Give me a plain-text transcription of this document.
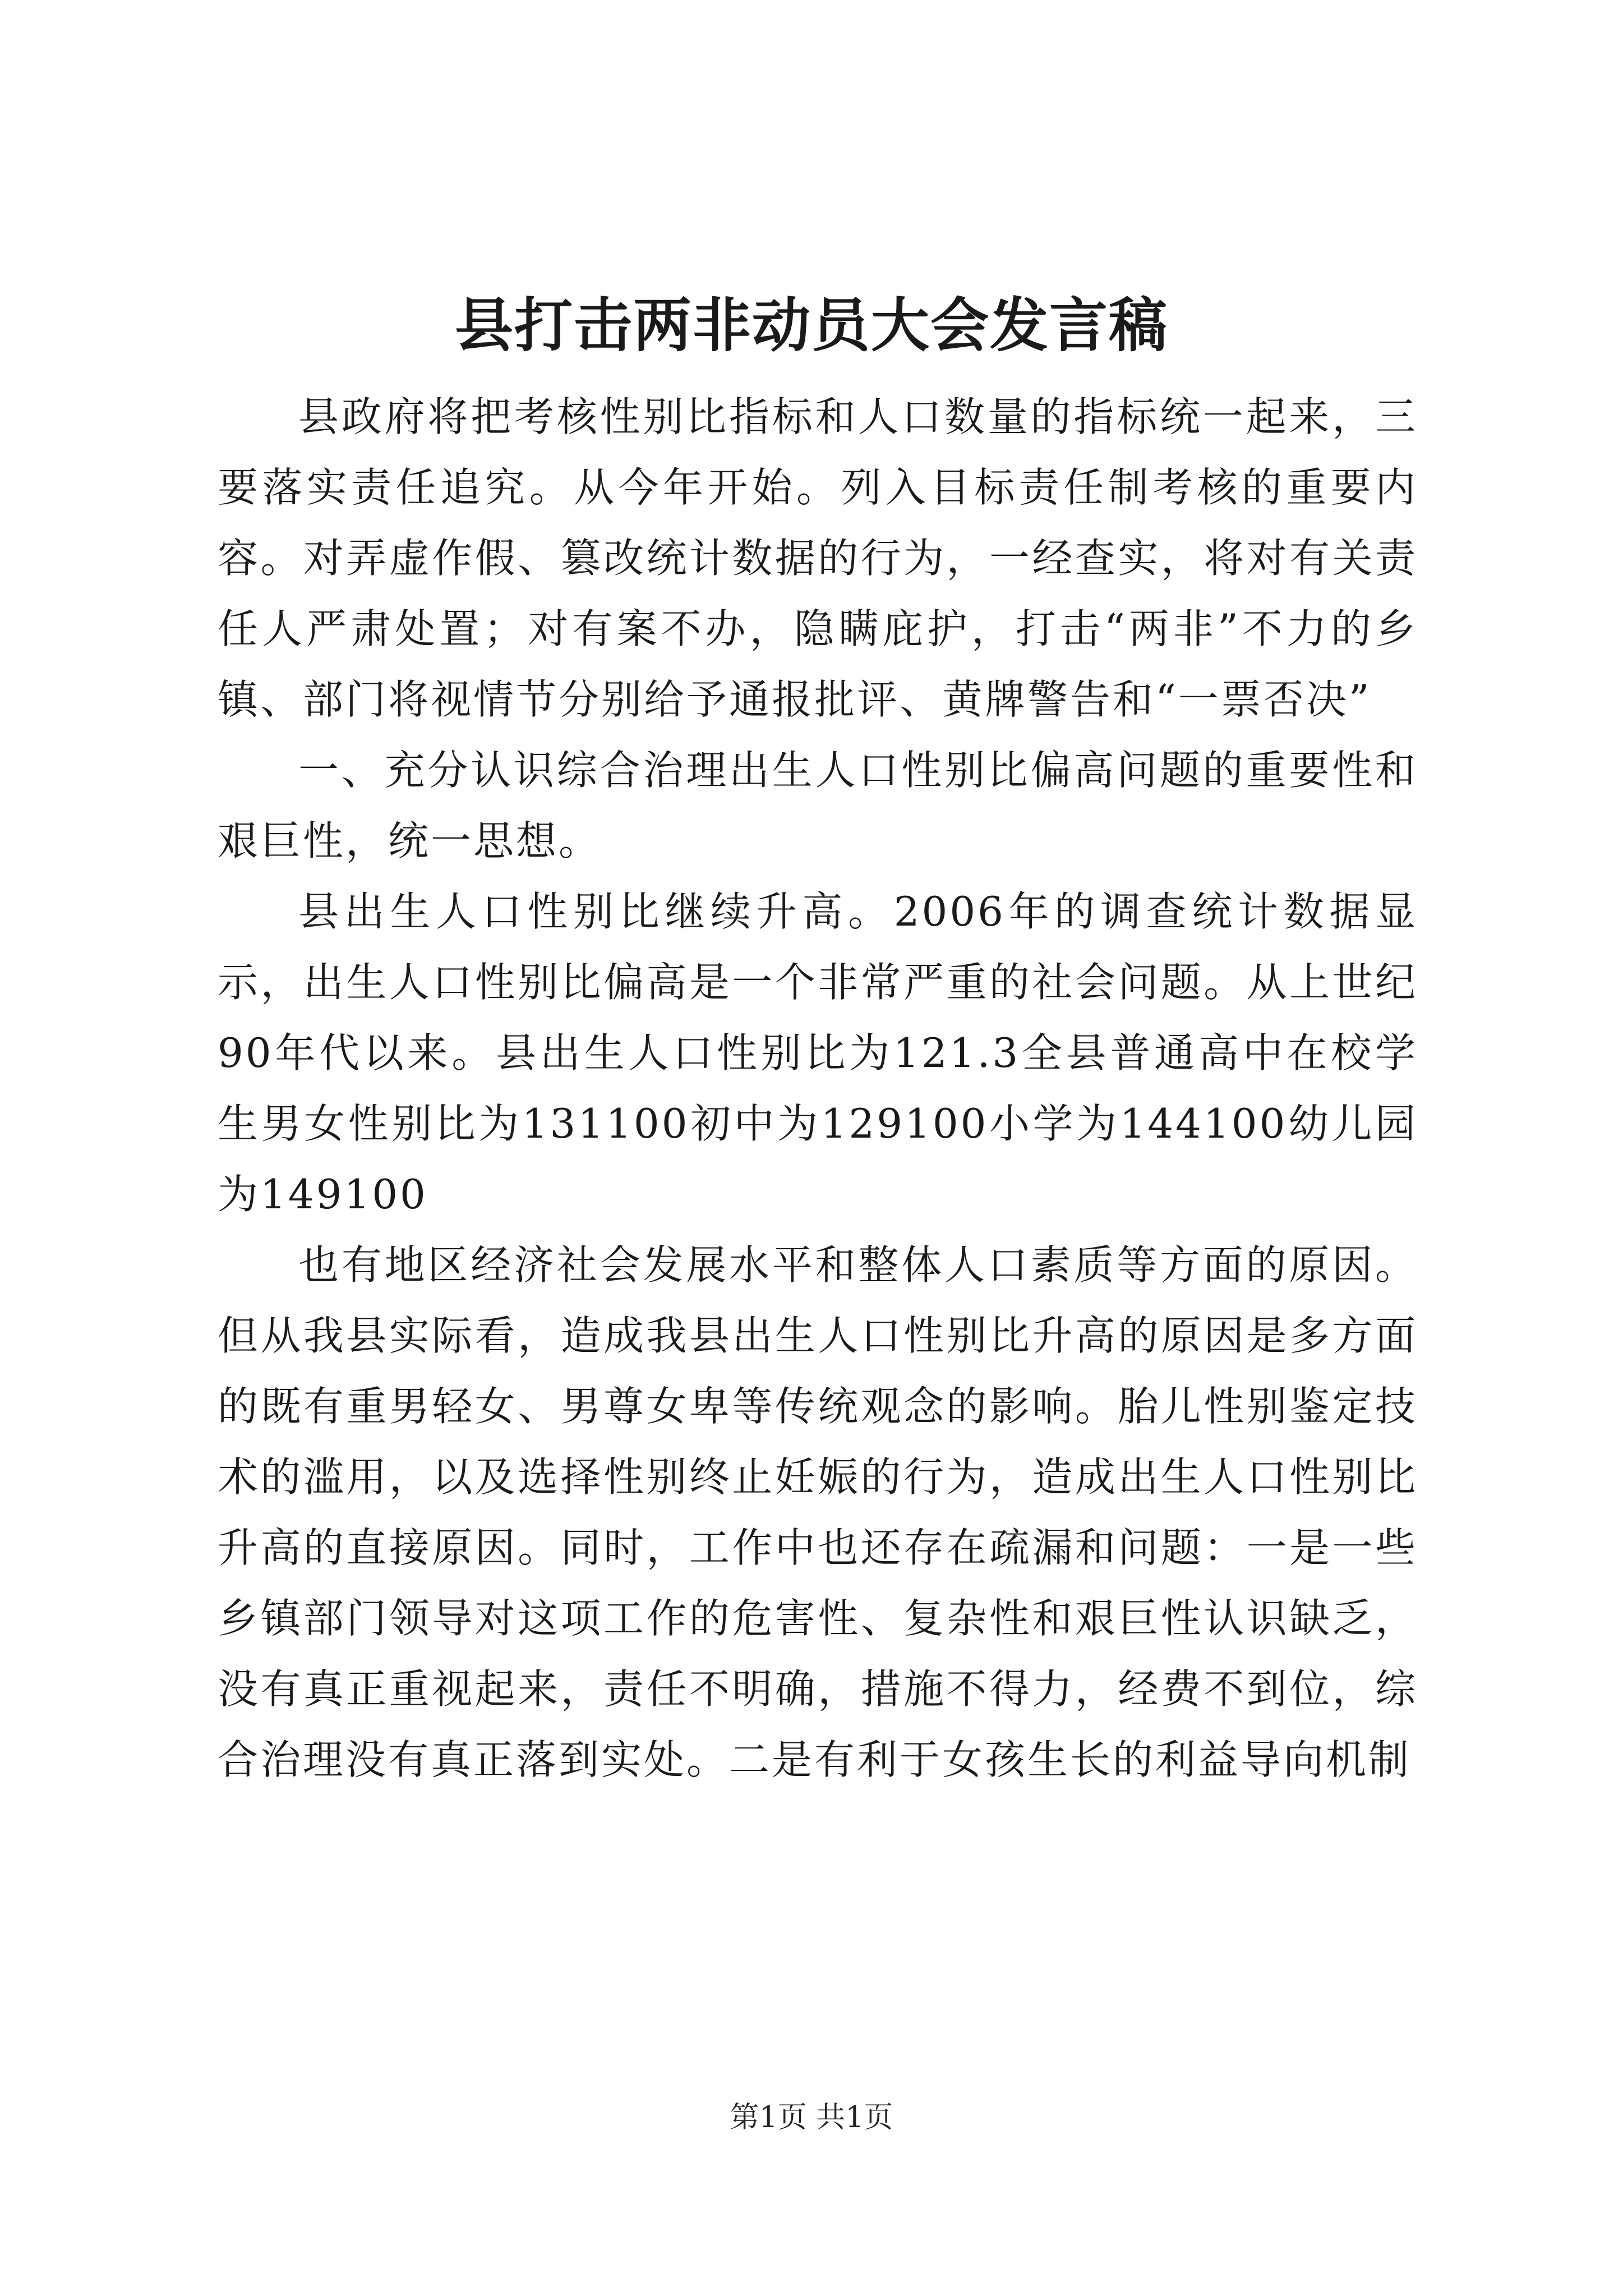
县打击两非动员大会发言稿

县政府将把考核性别比指标和人口数量的指标统一起来，三要落实责任追究。从今年开始。列入目标责任制考核的重要内容。对弄虚作假、篡改统计数据的行为，一经查实，将对有关责任人严肃处置；对有案不办，隐瞒庇护，打击“两非”不力的乡镇、部门将视情节分别给予通报批评、黄牌警告和“一票否决”

一、充分认识综合治理出生人口性别比偏高问题的重要性和艰巨性，统一思想。

县出生人口性别比继续升高。2006年的调查统计数据显示，出生人口性别比偏高是一个非常严重的社会问题。从上世纪90年代以来。县出生人口性别比为121.3全县普通高中在校学生男女性别比为131100初中为129100小学为144100幼儿园为149100

也有地区经济社会发展水平和整体人口素质等方面的原因。但从我县实际看，造成我县出生人口性别比升高的原因是多方面的既有重男轻女、男尊女卑等传统观念的影响。胎儿性别鉴定技术的滥用，以及选择性别终止妊娠的行为，造成出生人口性别比升高的直接原因。同时，工作中也还存在疏漏和问题：一是一些乡镇部门领导对这项工作的危害性、复杂性和艰巨性认识缺乏，没有真正重视起来，责任不明确，措施不得力，经费不到位，综合治理没有真正落到实处。二是有利于女孩生长的利益导向机制

第1页 共1页
